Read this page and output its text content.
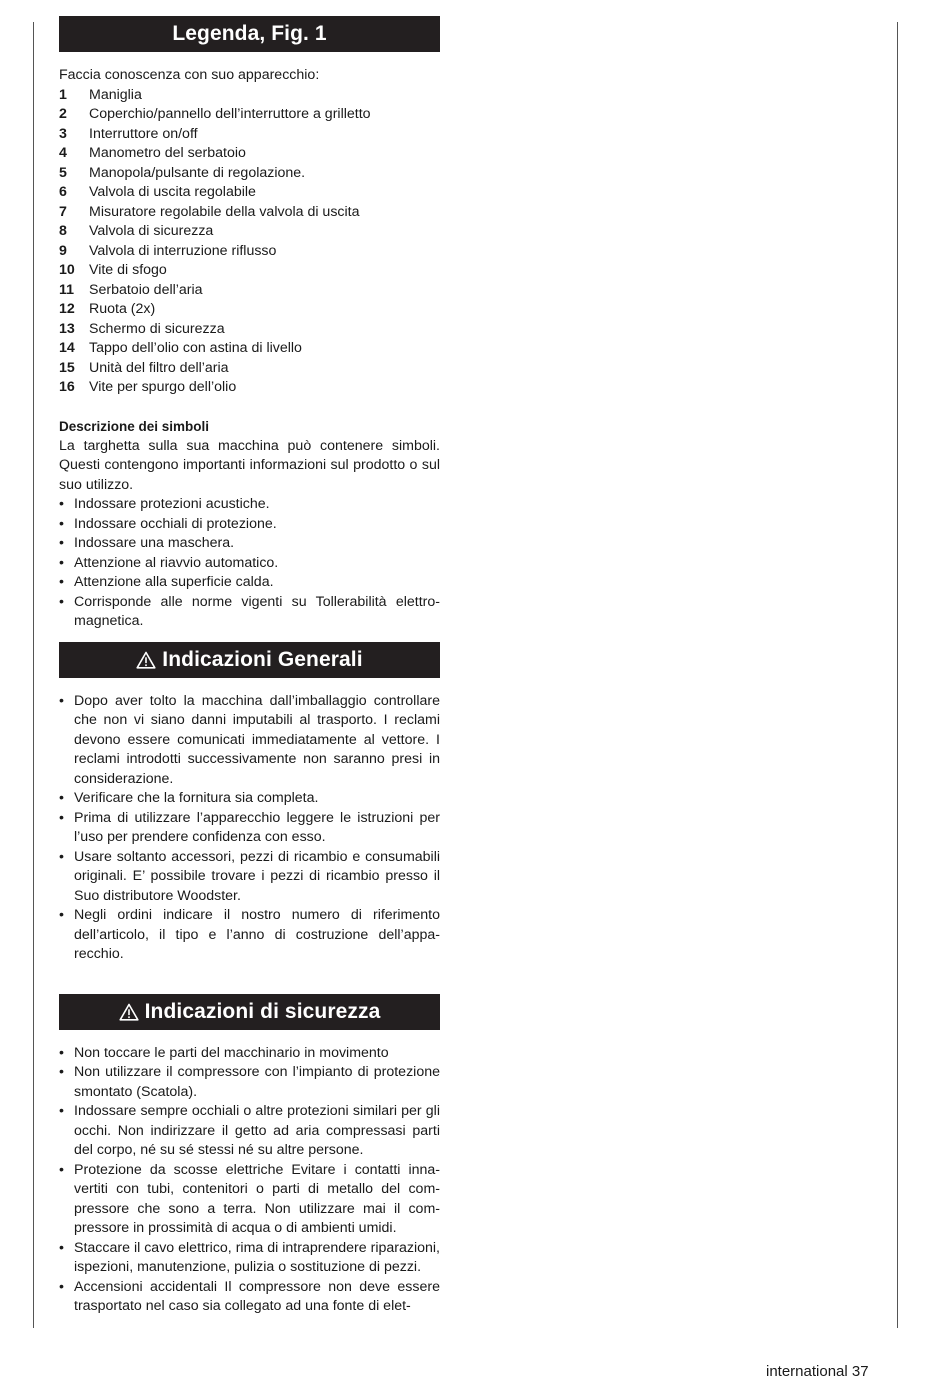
Legenda, Fig. 1
Faccia conoscenza con suo apparecchio:
1	Maniglia
2	Coperchio/pannello dell’interruttore a grilletto
3	Interruttore on/off
4	Manometro del serbatoio
5	Manopola/pulsante di regolazione.
6	Valvola di uscita regolabile
7	Misuratore regolabile della valvola di uscita
8	Valvola di sicurezza
9	Valvola di interruzione riflusso
10	Vite di sfogo
11	Serbatoio dell’aria
12	Ruota (2x)
13	Schermo di sicurezza
14	Tappo dell’olio con astina di livello
15	Unità del filtro dell’aria
16	Vite per spurgo dell’olio
Descrizione dei simboli
La targhetta sulla sua macchina può contenere simboli. Questi contengono importanti informazioni sul prodotto o sul suo utilizzo.
• Indossare protezioni acustiche.
• Indossare occhiali di protezione.
• Indossare una maschera.
• Attenzione al riavvio automatico.
• Attenzione alla superficie calda.
• Corrisponde alle norme vigenti su Tollerabilità elettromagnetica.
Indicazioni Generali
• Dopo aver tolto la macchina dall’imballaggio controllare che non vi siano danni imputabili al trasporto. I reclami devono essere comunicati immediatamente al vettore. I reclami introdotti successivamente non saranno presi in considerazione.
• Verificare che la fornitura sia completa.
• Prima di utilizzare l’apparecchio leggere le istruzioni per l’uso per prendere confidenza con esso.
• Usare soltanto accessori, pezzi di ricambio e consumabili originali. E’ possibile trovare i pezzi di ricambio presso il Suo distributore Woodster.
• Negli ordini indicare il nostro numero di riferimento dell’articolo, il tipo e l’anno di costruzione dell’apparecchio.
Indicazioni di sicurezza
• Non toccare le parti del macchinario in movimento
• Non utilizzare il compressore con l’impianto di protezione smontato (Scatola).
• Indossare sempre occhiali o altre protezioni similari per gli occhi. Non indirizzare il getto ad aria compressasi parti del corpo, né su sé stessi né su altre persone.
• Protezione da scosse elettriche Evitare i contatti innavertiti con tubi, contenitori o parti di metallo del compressore che sono a terra. Non utilizzare mai il compressore in prossimità di acqua o di ambienti umidi.
• Staccare il cavo elettrico, rima di intraprendere riparazioni, ispezioni, manutenzione, pulizia o sostituzione di pezzi.
• Accensioni accidentali Il compressore non deve essere trasportato nel caso sia collegato ad una fonte di elet-
international 37
